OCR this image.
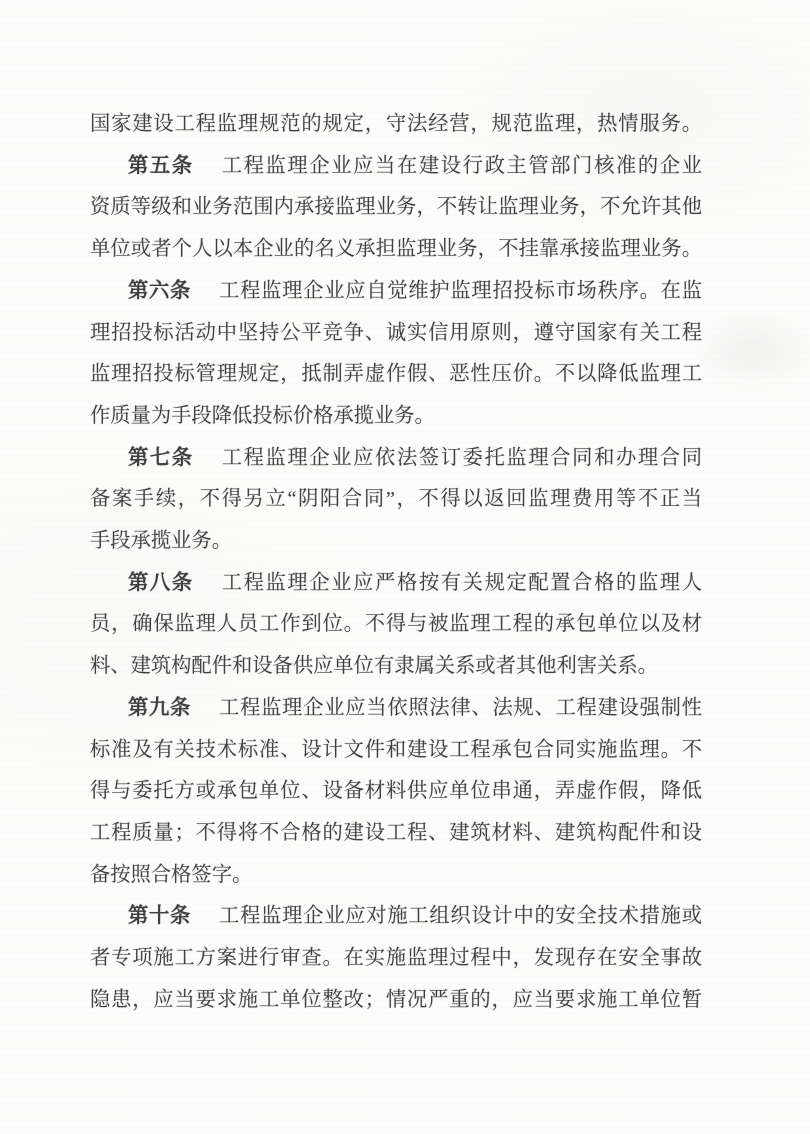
国家建设工程监理规范的规定，守法经营，规范监理，热情服务。
第五条 工程监理企业应当在建设行政主管部门核准的企业
资质等级和业务范围内承接监理业务，不转让监理业务，不允许其他
单位或者个人以本企业的名义承担监理业务，不挂靠承接监理业务。
第六条 工程监理企业应自觉维护监理招投标市场秩序。在监
理招投标活动中坚持公平竞争、诚实信用原则，遵守国家有关工程
监理招投标管理规定，抵制弄虚作假、恶性压价。不以降低监理工
作质量为手段降低投标价格承揽业务。
第七条 工程监理企业应依法签订委托监理合同和办理合同
备案手续，不得另立“阴阳合同”，不得以返回监理费用等不正当
手段承揽业务。
第八条 工程监理企业应严格按有关规定配置合格的监理人
员，确保监理人员工作到位。不得与被监理工程的承包单位以及材
料、建筑构配件和设备供应单位有隶属关系或者其他利害关系。
第九条 工程监理企业应当依照法律、法规、工程建设强制性
标准及有关技术标准、设计文件和建设工程承包合同实施监理。不
得与委托方或承包单位、设备材料供应单位串通，弄虚作假，降低
工程质量；不得将不合格的建设工程、建筑材料、建筑构配件和设
备按照合格签字。
第十条 工程监理企业应对施工组织设计中的安全技术措施或
者专项施工方案进行审查。在实施监理过程中，发现存在安全事故
隐患，应当要求施工单位整改；情况严重的，应当要求施工单位暂
